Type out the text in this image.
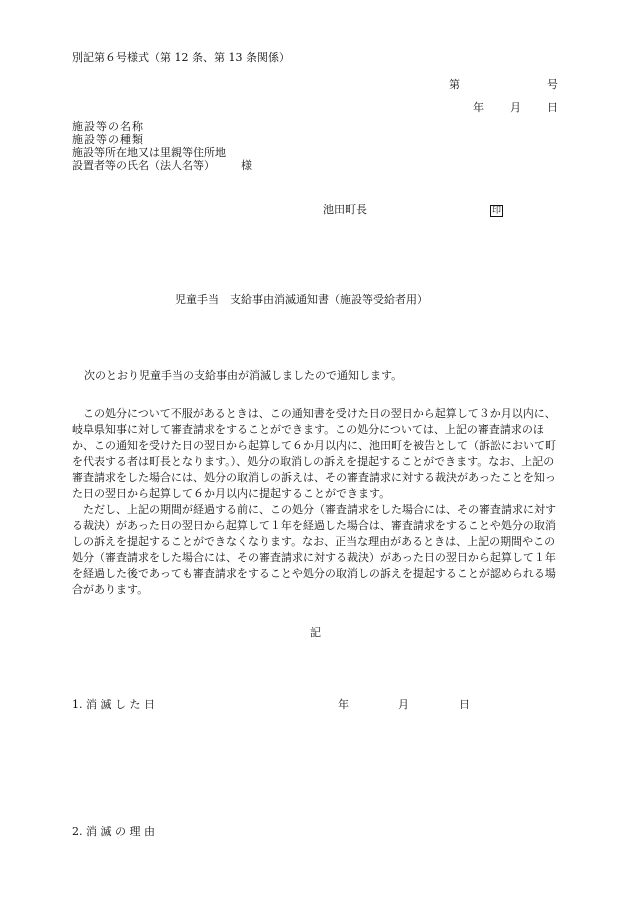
別記第６号様式（第 12 条、第 13 条関係）
第	号
年 月 日
施設等の名称
施設等の種類
施設等所在地又は里親等住所地
設置者等の氏名（法人名等） 様
池田町長	印
児童手当　支給事由消滅通知書（施設等受給者用）
次のとおり児童手当の支給事由が消滅しましたので通知します。

この処分について不服があるときは、この通知書を受けた日の翌日から起算して３か月以内に、岐阜県知事に対して審査請求をすることができます。この処分については、上記の審査請求のほか、この通知を受けた日の翌日から起算して６か月以内に、池田町を被告として（訴訟において町を代表する者は町長となります。）、処分の取消しの訴えを提起することができます。なお、上記の審査請求をした場合には、処分の取消しの訴えは、その審査請求に対する裁決があったことを知った日の翌日から起算して６か月以内に提起することができます。

ただし、上記の期間が経過する前に、この処分（審査請求をした場合には、その審査請求に対する裁決）があった日の翌日から起算して１年を経過した場合は、審査請求をすることや処分の取消しの訴えを提起することができなくなります。なお、正当な理由があるときは、上記の期間やこの処分（審査請求をした場合には、その審査請求に対する裁決）があった日の翌日から起算して１年を経過した後であっても審査請求をすることや処分の取消しの訴えを提起することが認められる場合があります。

記
1. 消 滅 し た 日	年	月	日
2. 消 滅 の 理 由
